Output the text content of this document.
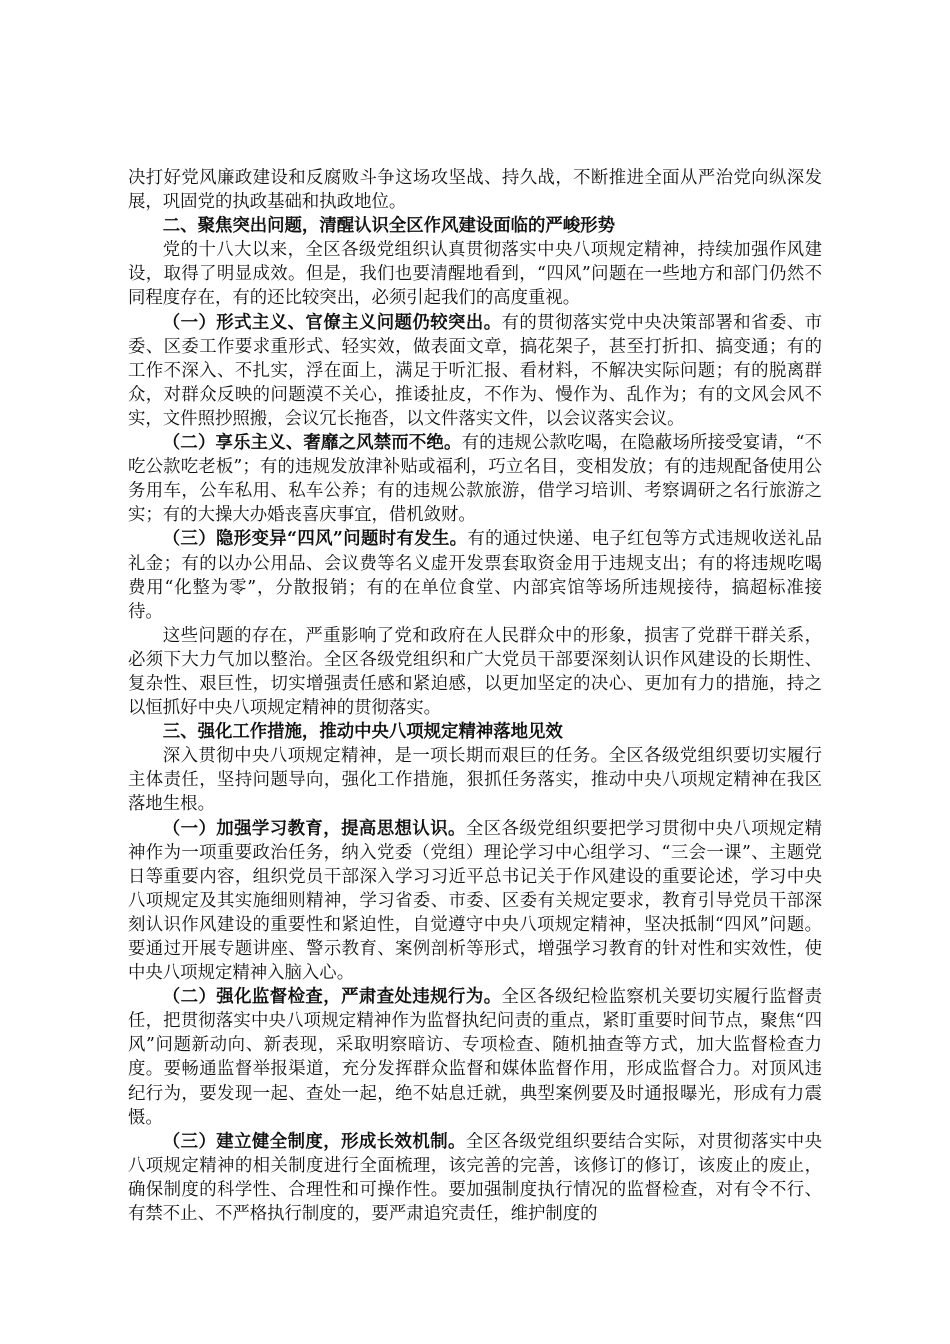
决打好党风廉政建设和反腐败斗争这场攻坚战、持久战，不断推进全面从严治党向纵深发展，巩固党的执政基础和执政地位。

二、聚焦突出问题，清醒认识全区作风建设面临的严峻形势

党的十八大以来，全区各级党组织认真贯彻落实中央八项规定精神，持续加强作风建设，取得了明显成效。但是，我们也要清醒地看到，“四风”问题在一些地方和部门仍然不同程度存在，有的还比较突出，必须引起我们的高度重视。

（一）形式主义、官僚主义问题仍较突出。有的贯彻落实党中央决策部署和省委、市委、区委工作要求重形式、轻实效，做表面文章，搞花架子，甚至打折扣、搞变通；有的工作不深入、不扎实，浮在面上，满足于听汇报、看材料，不解决实际问题；有的脱离群众，对群众反映的问题漠不关心，推诿扯皮，不作为、慢作为、乱作为；有的文风会风不实，文件照抄照搬，会议冗长拖沓，以文件落实文件，以会议落实会议。

（二）享乐主义、奢靡之风禁而不绝。有的违规公款吃喝，在隐蔽场所接受宴请，“不吃公款吃老板”；有的违规发放津补贴或福利，巧立名目，变相发放；有的违规配备使用公务用车，公车私用、私车公养；有的违规公款旅游，借学习培训、考察调研之名行旅游之实；有的大操大办婚丧喜庆事宜，借机敛财。

（三）隐形变异“四风”问题时有发生。有的通过快递、电子红包等方式违规收送礼品礼金；有的以办公用品、会议费等名义虚开发票套取资金用于违规支出；有的将违规吃喝费用“化整为零”，分散报销；有的在单位食堂、内部宾馆等场所违规接待，搞超标准接待。

这些问题的存在，严重影响了党和政府在人民群众中的形象，损害了党群干群关系，必须下大力气加以整治。全区各级党组织和广大党员干部要深刻认识作风建设的长期性、复杂性、艰巨性，切实增强责任感和紧迫感，以更加坚定的决心、更加有力的措施，持之以恒抓好中央八项规定精神的贯彻落实。

三、强化工作措施，推动中央八项规定精神落地见效

深入贯彻中央八项规定精神，是一项长期而艰巨的任务。全区各级党组织要切实履行主体责任，坚持问题导向，强化工作措施，狠抓任务落实，推动中央八项规定精神在我区落地生根。

（一）加强学习教育，提高思想认识。全区各级党组织要把学习贯彻中央八项规定精神作为一项重要政治任务，纳入党委（党组）理论学习中心组学习、“三会一课”、主题党日等重要内容，组织党员干部深入学习习近平总书记关于作风建设的重要论述，学习中央八项规定及其实施细则精神，学习省委、市委、区委有关规定要求，教育引导党员干部深刻认识作风建设的重要性和紧迫性，自觉遵守中央八项规定精神，坚决抵制“四风”问题。要通过开展专题讲座、警示教育、案例剖析等形式，增强学习教育的针对性和实效性，使中央八项规定精神入脑入心。

（二）强化监督检查，严肃查处违规行为。全区各级纪检监察机关要切实履行监督责任，把贯彻落实中央八项规定精神作为监督执纪问责的重点，紧盯重要时间节点，聚焦“四风”问题新动向、新表现，采取明察暗访、专项检查、随机抽查等方式，加大监督检查力度。要畅通监督举报渠道，充分发挥群众监督和媒体监督作用，形成监督合力。对顶风违纪行为，要发现一起、查处一起，绝不姑息迁就，典型案例要及时通报曝光，形成有力震慑。

（三）建立健全制度，形成长效机制。全区各级党组织要结合实际，对贯彻落实中央八项规定精神的相关制度进行全面梳理，该完善的完善，该修订的修订，该废止的废止，确保制度的科学性、合理性和可操作性。要加强制度执行情况的监督检查，对有令不行、有禁不止、不严格执行制度的，要严肃追究责任，维护制度的
